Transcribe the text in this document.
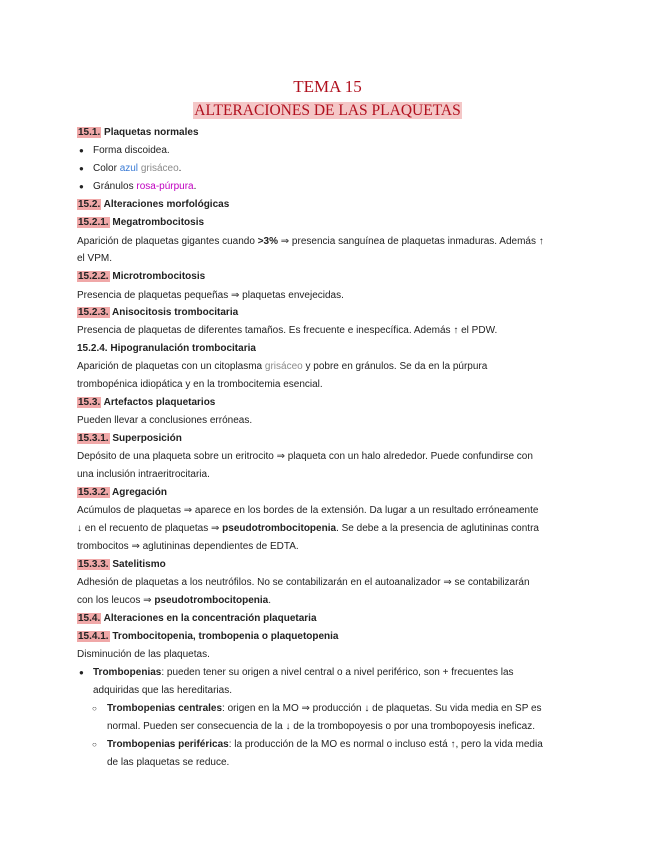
TEMA 15
ALTERACIONES DE LAS PLAQUETAS
15.1. Plaquetas normales
● Forma discoidea.
● Color azul grisáceo.
● Gránulos rosa-púrpura.
15.2. Alteraciones morfológicas
15.2.1. Megatrombocitosis
Aparición de plaquetas gigantes cuando >3% ⇒ presencia sanguínea de plaquetas inmaduras. Además ↑
el VPM.
15.2.2. Microtrombocitosis
Presencia de plaquetas pequeñas ⇒ plaquetas envejecidas.
15.2.3. Anisocitosis trombocitaria
Presencia de plaquetas de diferentes tamaños. Es frecuente e inespecífica. Además ↑ el PDW.
15.2.4. Hipogranulación trombocitaria
Aparición de plaquetas con un citoplasma grisáceo y pobre en gránulos. Se da en la púrpura
trombopénica idiopática y en la trombocitemia esencial.
15.3. Artefactos plaquetarios
Pueden llevar a conclusiones erróneas.
15.3.1. Superposición
Depósito de una plaqueta sobre un eritrocito ⇒ plaqueta con un halo alrededor. Puede confundirse con
una inclusión intraeritrocitaria.
15.3.2. Agregación
Acúmulos de plaquetas ⇒ aparece en los bordes de la extensión. Da lugar a un resultado erróneamente
↓ en el recuento de plaquetas ⇒ pseudotrombocitopenia. Se debe a la presencia de aglutininas contra
trombocitos ⇒ aglutininas dependientes de EDTA.
15.3.3. Satelitismo
Adhesión de plaquetas a los neutrófilos. No se contabilizarán en el autoanalizador ⇒ se contabilizarán
con los leucos ⇒ pseudotrombocitopenia.
15.4. Alteraciones en la concentración plaquetaria
15.4.1. Trombocitopenia, trombopenia o plaquetopenia
Disminución de las plaquetas.
● Trombopenias: pueden tener su origen a nivel central o a nivel periférico, son + frecuentes las
adquiridas que las hereditarias.
○ Trombopenias centrales: origen en la MO ⇒ producción ↓ de plaquetas. Su vida media en SP es
normal. Pueden ser consecuencia de la ↓ de la trombopoyesis o por una trombopoyesis ineficaz.
○ Trombopenias periféricas: la producción de la MO es normal o incluso está ↑, pero la vida media
de las plaquetas se reduce.
